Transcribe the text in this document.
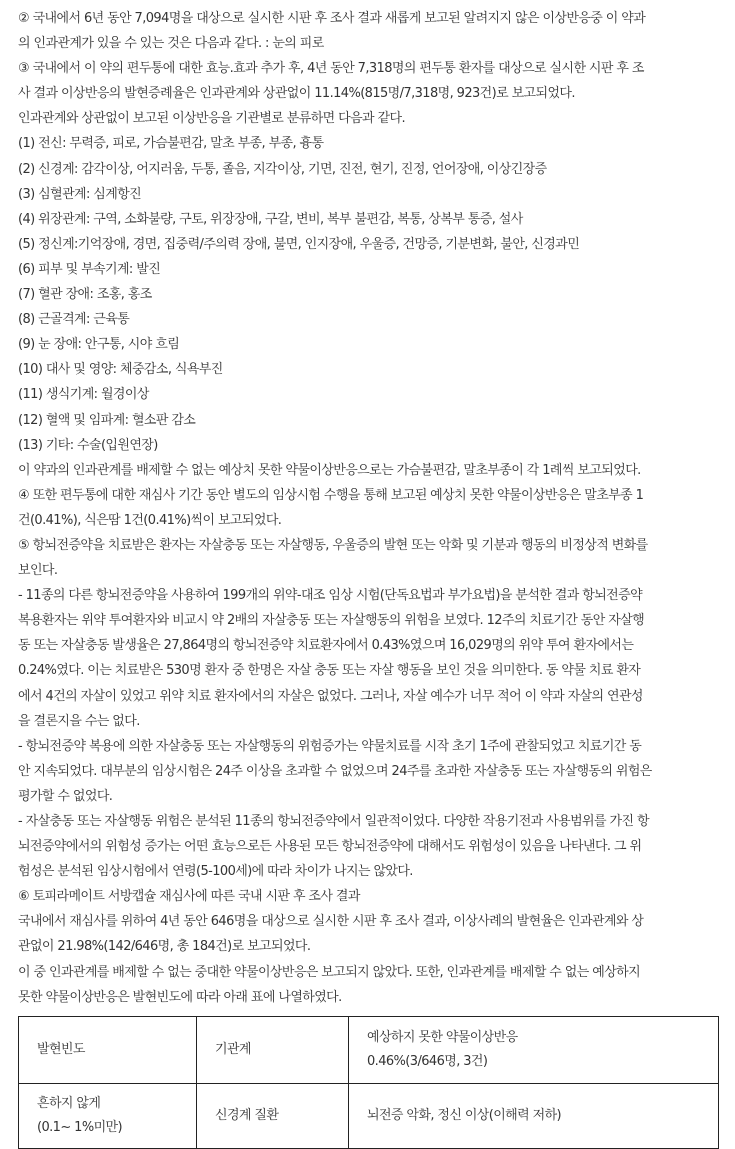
② 국내에서 6년 동안 7,094명을 대상으로 실시한 시판 후 조사 결과 새롭게 보고된 알려지지 않은 이상반응중 이 약과
의 인과관계가 있을 수 있는 것은 다음과 같다. : 눈의 피로
③ 국내에서 이 약의 편두통에 대한 효능.효과 추가 후, 4년 동안 7,318명의 편두통 환자를 대상으로 실시한 시판 후 조
사 결과 이상반응의 발현증례율은 인과관계와 상관없이 11.14%(815명/7,318명, 923건)로 보고되었다.
인과관계와 상관없이 보고된 이상반응을 기관별로 분류하면 다음과 같다.
(1) 전신: 무력증, 피로, 가슴불편감, 말초 부종, 부종, 흉통
(2) 신경계: 감각이상, 어지러움, 두통, 졸음, 지각이상, 기면, 진전, 현기, 진정, 언어장애, 이상긴장증
(3) 심혈관계: 심계항진
(4) 위장관계: 구역, 소화불량, 구토, 위장장애, 구갈, 변비, 복부 불편감, 복통, 상복부 통증, 설사
(5) 정신계:기억장애, 경면, 집중력/주의력 장애, 불면, 인지장애, 우울증, 건망증, 기분변화, 불안, 신경과민
(6) 피부 및 부속기계: 발진
(7) 혈관 장애: 조홍, 홍조
(8) 근골격계: 근육통
(9) 눈 장애: 안구통, 시야 흐림
(10) 대사 및 영양: 체중감소, 식욕부진
(11) 생식기계: 월경이상
(12) 혈액 및 임파계: 혈소판 감소
(13) 기타: 수술(입원연장)
이 약과의 인과관계를 배제할 수 없는 예상치 못한 약물이상반응으로는 가슴불편감, 말초부종이 각 1례씩 보고되었다.
④ 또한 편두통에 대한 재심사 기간 동안 별도의 임상시험 수행을 통해 보고된 예상치 못한 약물이상반응은 말초부종 1
건(0.41%), 식은땀 1건(0.41%)씩이 보고되었다.
⑤ 항뇌전증약을 치료받은 환자는 자살충동 또는 자살행동, 우울증의 발현 또는 악화 및 기분과 행동의 비정상적 변화를
보인다.
- 11종의 다른 항뇌전증약을 사용하여 199개의 위약-대조 임상 시험(단독요법과 부가요법)을 분석한 결과 항뇌전증약
복용환자는 위약 투여환자와 비교시 약 2배의 자살충동 또는 자살행동의 위험을 보였다. 12주의 치료기간 동안 자살행
동 또는 자살충동 발생율은 27,864명의 항뇌전증약 치료환자에서 0.43%였으며 16,029명의 위약 투여 환자에서는
0.24%였다. 이는 치료받은 530명 환자 중 한명은 자살 충동 또는 자살 행동을 보인 것을 의미한다. 동 약물 치료 환자
에서 4건의 자살이 있었고 위약 치료 환자에서의 자살은 없었다. 그러나, 자살 예수가 너무 적어 이 약과 자살의 연관성
을 결론지을 수는 없다.
- 항뇌전증약 복용에 의한 자살충동 또는 자살행동의 위험증가는 약물치료를 시작 초기 1주에 관찰되었고 치료기간 동
안 지속되었다. 대부분의 임상시험은 24주 이상을 초과할 수 없었으며 24주를 초과한 자살충동 또는 자살행동의 위험은
평가할 수 없었다.
- 자살충동 또는 자살행동 위험은 분석된 11종의 항뇌전증약에서 일관적이었다. 다양한 작용기전과 사용범위를 가진 항
뇌전증약에서의 위험성 증가는 어떤 효능으로든 사용된 모든 항뇌전증약에 대해서도 위험성이 있음을 나타낸다. 그 위
험성은 분석된 임상시험에서 연령(5-100세)에 따라 차이가 나지는 않았다.
⑥ 토피라메이트 서방캡슐 재심사에 따른 국내 시판 후 조사 결과
국내에서 재심사를 위하여 4년 동안 646명을 대상으로 실시한 시판 후 조사 결과, 이상사례의 발현율은 인과관계와 상
관없이 21.98%(142/646명, 총 184건)로 보고되었다.
이 중 인과관계를 배제할 수 없는 중대한 약물이상반응은 보고되지 않았다. 또한, 인과관계를 배제할 수 없는 예상하지
못한 약물이상반응은 발현빈도에 따라 아래 표에 나열하였다.
발현빈도	기관계	예상하지 못한 약물이상반응
0.46%(3/646명, 3건)

흔하지 않게
(0.1~ 1%미만)	신경계 질환	뇌전증 악화, 정신 이상(이해력 저하)
